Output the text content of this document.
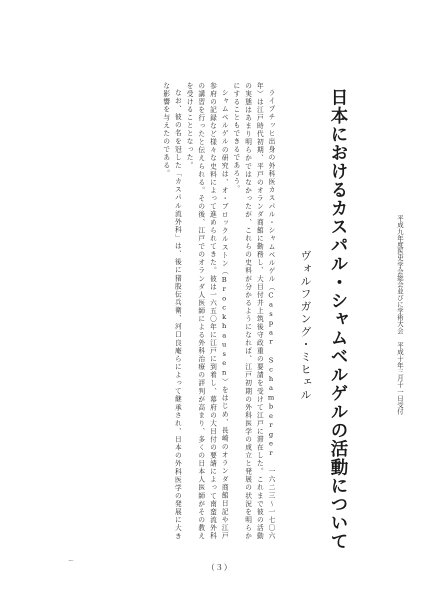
平成九年度医史学会総会並びに学術大会 平成十年三月十一日受付
日本におけるカスパル・シャムベルゲルの活動について
ヴォルフガング・ミヒェル

ライプチッヒ出身の外科医カスパル・シャムベルゲル（Caspar Schamberger 一六二三〜一七〇六年）は江戸時代初期、平戸のオランダ商館に勤務し、大目付井上筑後守政重の要請を受けて江戸に滞在した。これまで彼の活動の実態はあまり明らかではなかったが、これらの史料が分かるようになれば、江戸初期の外科医学の成立と発展の状況を明らかにすることもできるであろう。

シャムベルゲルの研究は、オ・ブロックルストン（Brockhausen）をはじめ、長崎のオランダ商館日記や江戸参府の記録など様々な史料によって進められてきた。彼は一六五〇年に江戸に到着し、幕府の大目付の要請によって南蛮流外科の講習を行ったと伝えられる。その後、江戸でのオランダ人医師による外科治療の評判が高まり、多くの日本人医師がその教えを受けることとなった。

なお、彼の名を冠した「カスパル流外科」は、後に猪股伝兵衛、河口良庵らによって継承され、日本の外科医学の発展に大きな影響を与えたのである。

ー
（３）
